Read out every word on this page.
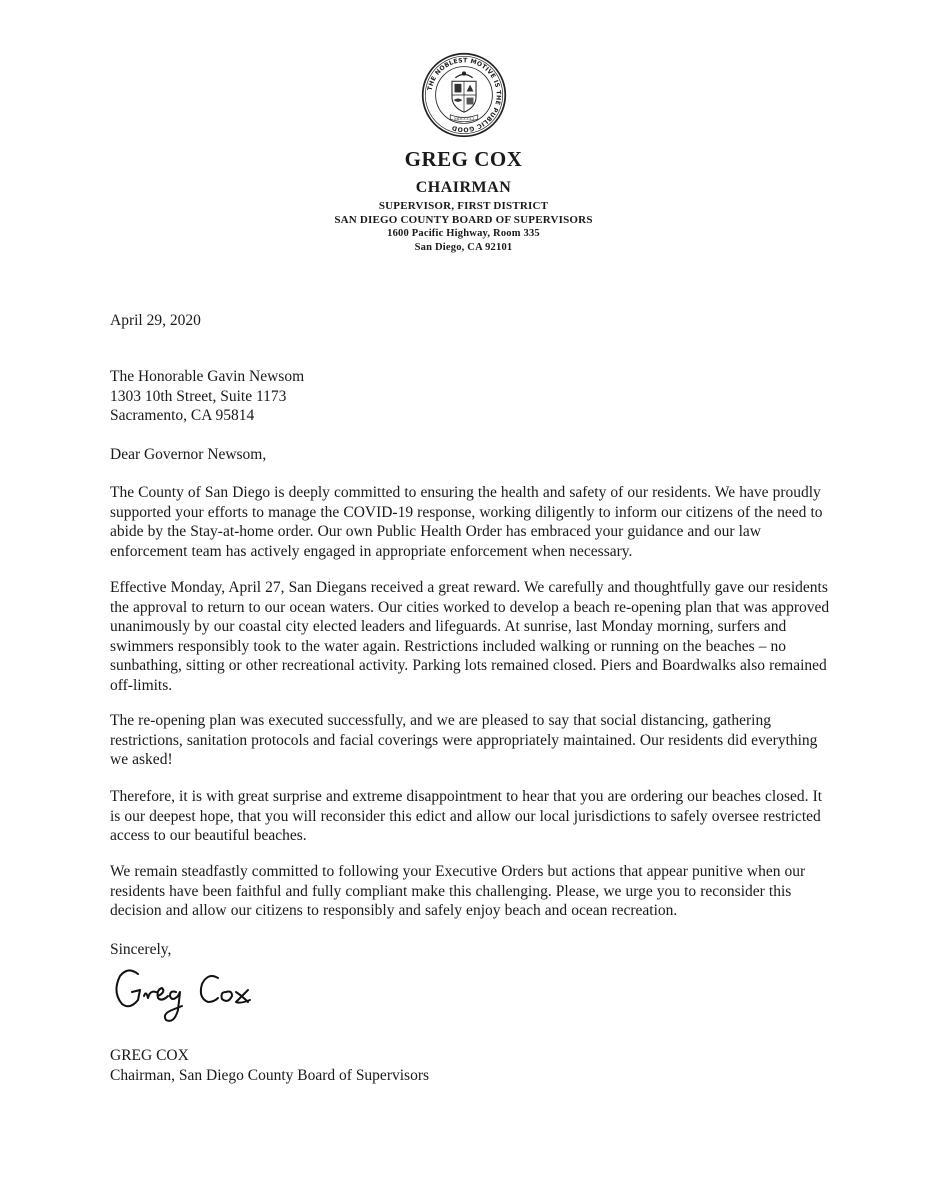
THE NOBLEST MOTIVE IS THE PUBLIC GOOD
MDCCCLI
GREG COX
CHAIRMAN
SUPERVISOR, FIRST DISTRICT
SAN DIEGO COUNTY BOARD OF SUPERVISORS
1600 Pacific Highway, Room 335
San Diego, CA 92101
April 29, 2020
The Honorable Gavin Newsom
1303 10th Street, Suite 1173
Sacramento, CA 95814
Dear Governor Newsom,
The County of San Diego is deeply committed to ensuring the health and safety of our residents. We have proudly supported your efforts to manage the COVID-19 response, working diligently to inform our citizens of the need to abide by the Stay-at-home order. Our own Public Health Order has embraced your guidance and our law enforcement team has actively engaged in appropriate enforcement when necessary.
Effective Monday, April 27, San Diegans received a great reward. We carefully and thoughtfully gave our residents the approval to return to our ocean waters. Our cities worked to develop a beach re-opening plan that was approved unanimously by our coastal city elected leaders and lifeguards. At sunrise, last Monday morning, surfers and swimmers responsibly took to the water again. Restrictions included walking or running on the beaches – no sunbathing, sitting or other recreational activity. Parking lots remained closed. Piers and Boardwalks also remained off-limits.
The re-opening plan was executed successfully, and we are pleased to say that social distancing, gathering restrictions, sanitation protocols and facial coverings were appropriately maintained. Our residents did everything we asked!
Therefore, it is with great surprise and extreme disappointment to hear that you are ordering our beaches closed. It is our deepest hope, that you will reconsider this edict and allow our local jurisdictions to safely oversee restricted access to our beautiful beaches.
We remain steadfastly committed to following your Executive Orders but actions that appear punitive when our residents have been faithful and fully compliant make this challenging. Please, we urge you to reconsider this decision and allow our citizens to responsibly and safely enjoy beach and ocean recreation.
Sincerely,
GREG COX
Chairman, San Diego County Board of Supervisors
